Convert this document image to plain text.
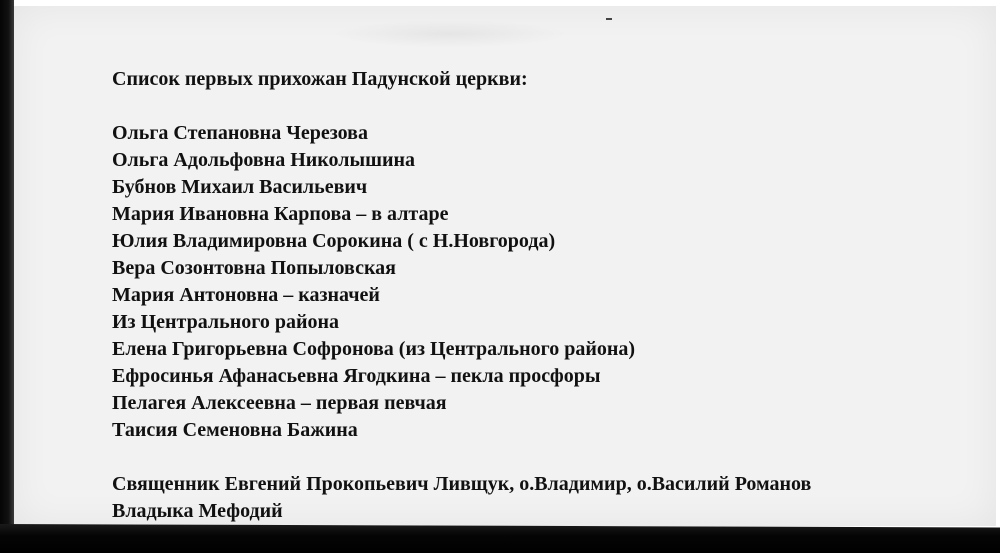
Список первых прихожан Падунской церкви:
Ольга Степановна Черезова
Ольга Адольфовна Николышина
Бубнов Михаил Васильевич
Мария Ивановна Карпова – в алтаре
Юлия Владимировна Сорокина ( с Н.Новгорода)
Вера Созонтовна Попыловская
Мария Антоновна – казначей
Из Центрального района
Елена Григорьевна Софронова (из Центрального района)
Ефросинья Афанасьевна Ягодкина – пекла просфоры
Пелагея Алексеевна – первая певчая
Таисия Семеновна Бажина
Священник Евгений Прокопьевич Ливщук, о.Владимир, о.Василий Романов
Владыка Мефодий
